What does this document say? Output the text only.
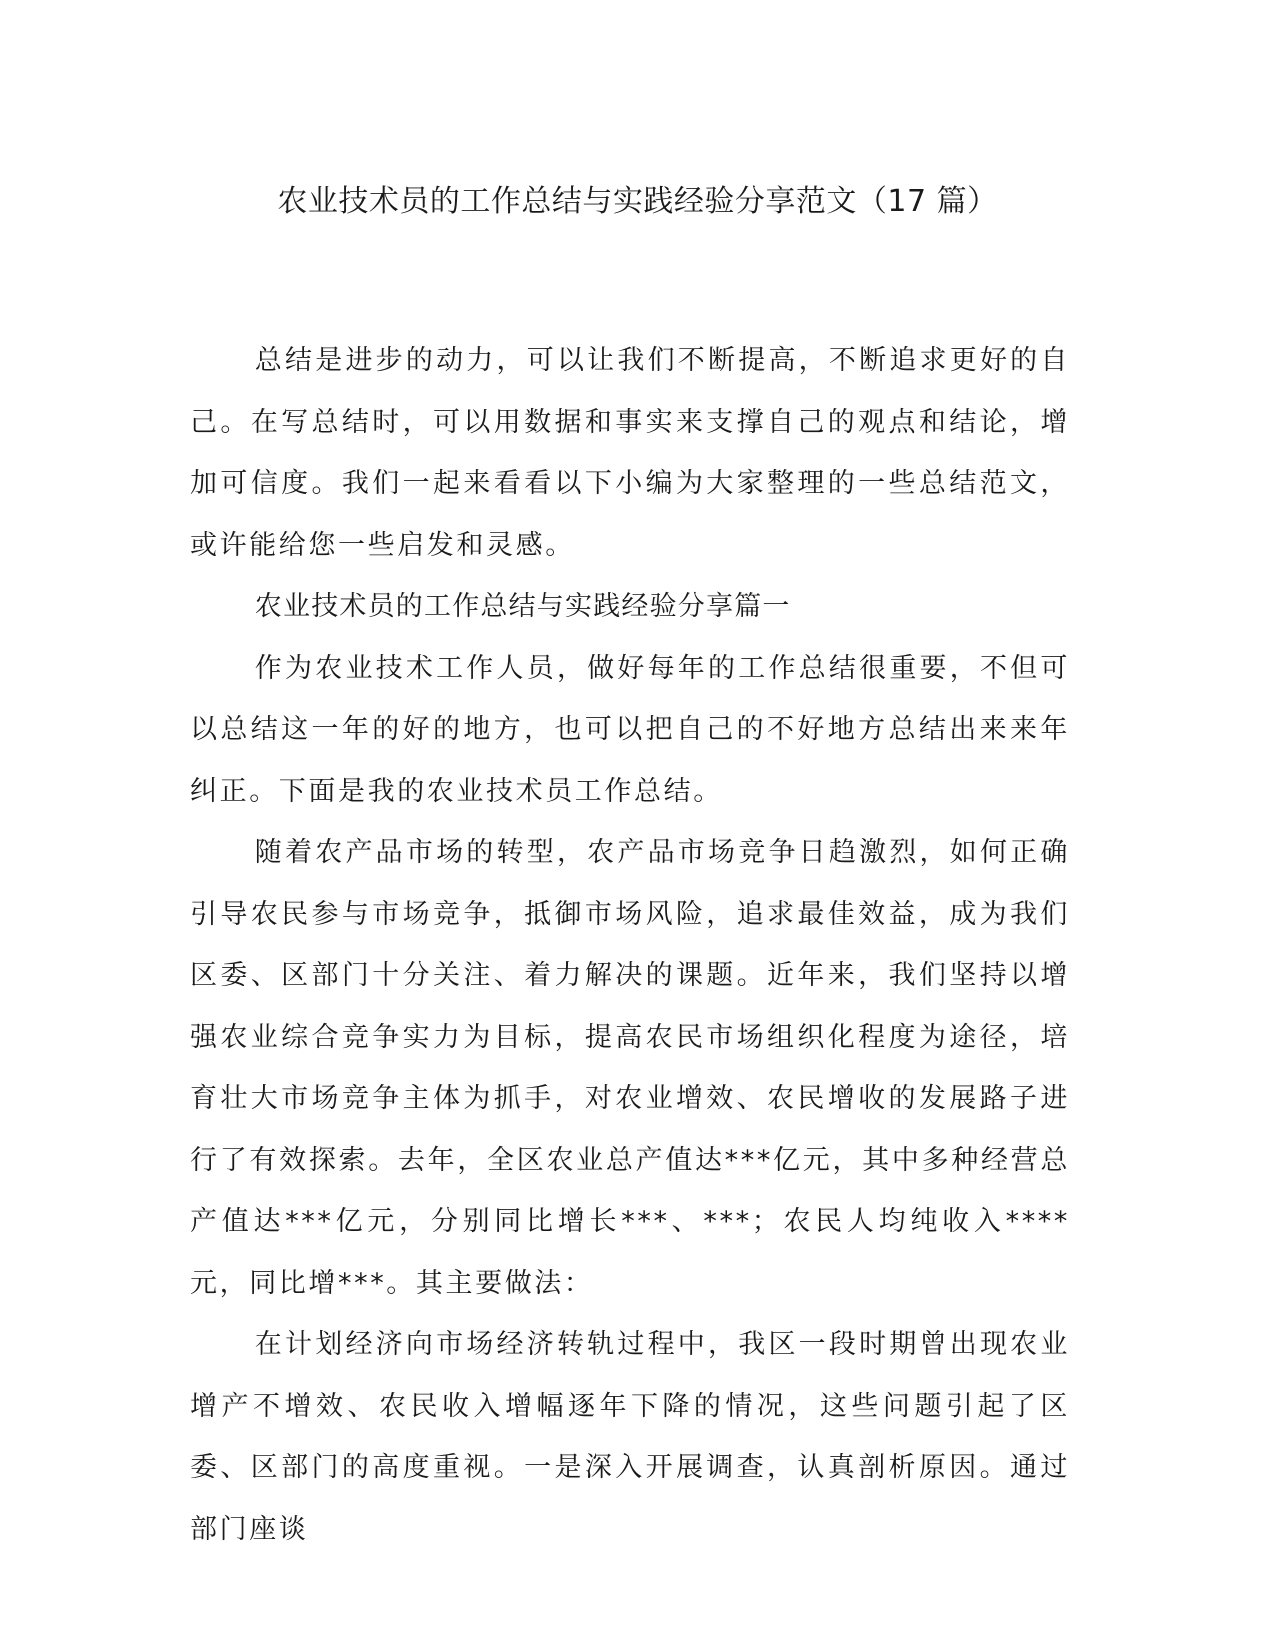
农业技术员的工作总结与实践经验分享范文（17 篇）

总结是进步的动力，可以让我们不断提高，不断追求更好的自己。在写总结时，可以用数据和事实来支撑自己的观点和结论，增加可信度。我们一起来看看以下小编为大家整理的一些总结范文，或许能给您一些启发和灵感。

农业技术员的工作总结与实践经验分享篇一

作为农业技术工作人员，做好每年的工作总结很重要，不但可以总结这一年的好的地方，也可以把自己的不好地方总结出来来年纠正。下面是我的农业技术员工作总结。

随着农产品市场的转型，农产品市场竞争日趋激烈，如何正确引导农民参与市场竞争，抵御市场风险，追求最佳效益，成为我们区委、区部门十分关注、着力解决的课题。近年来，我们坚持以增强农业综合竞争实力为目标，提高农民市场组织化程度为途径，培育壮大市场竞争主体为抓手，对农业增效、农民增收的发展路子进行了有效探索。去年，全区农业总产值达***亿元，其中多种经营总产值达***亿元，分别同比增长***、***；农民人均纯收入****元，同比增***。其主要做法：

在计划经济向市场经济转轨过程中，我区一段时期曾出现农业增产不增效、农民收入增幅逐年下降的情况，这些问题引起了区委、区部门的高度重视。一是深入开展调查，认真剖析原因。通过部门座谈
